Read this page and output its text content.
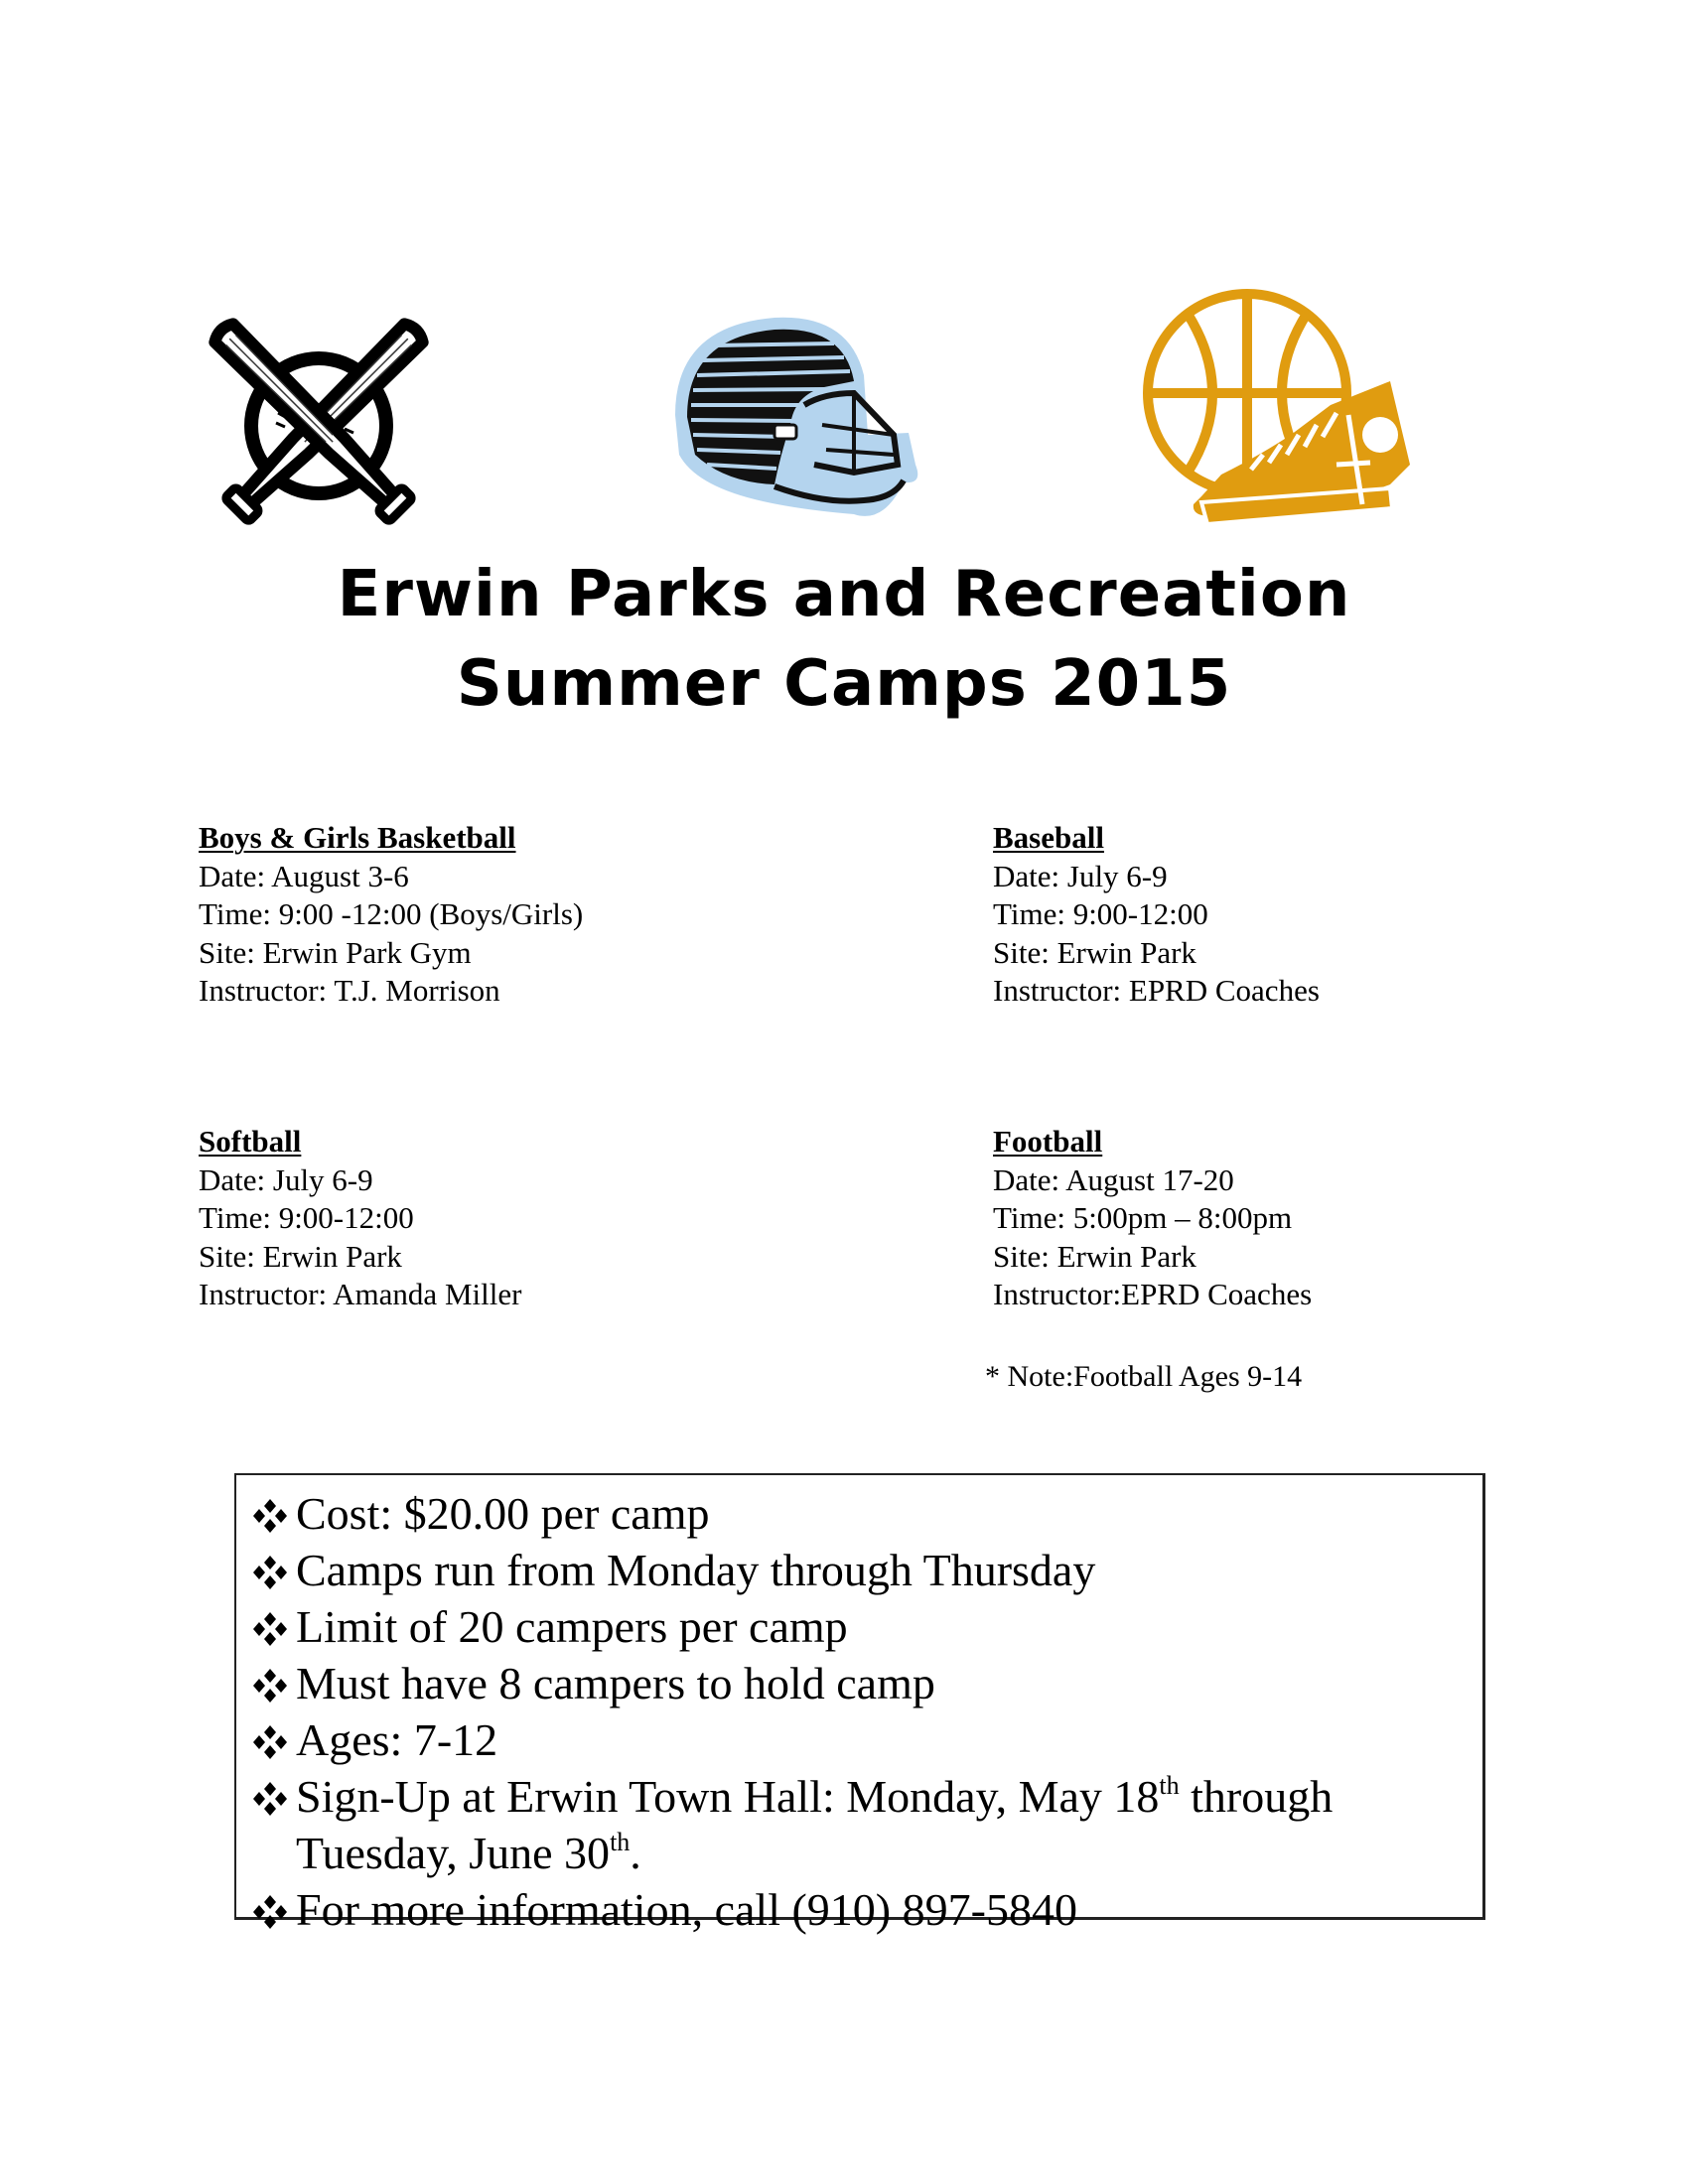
Erwin Parks and Recreation
Summer Camps 2015
Boys & Girls Basketball
Date: August 3-6
Time: 9:00 -12:00 (Boys/Girls)
Site: Erwin Park Gym
Instructor: T.J. Morrison
Baseball
Date: July 6-9
Time: 9:00-12:00
Site: Erwin Park
Instructor: EPRD Coaches
Softball
Date: July 6-9
Time: 9:00-12:00
Site: Erwin Park
Instructor: Amanda Miller
Football
Date: August 17-20
Time: 5:00pm – 8:00pm
Site: Erwin Park
Instructor:EPRD Coaches
* Note:Football Ages 9-14
Cost: $20.00 per camp
Camps run from Monday through Thursday
Limit of 20 campers per camp
Must have 8 campers to hold camp
Ages: 7-12
Sign-Up at Erwin Town Hall: Monday, May 18th through
Tuesday, June 30th.
For more information, call (910) 897-5840
